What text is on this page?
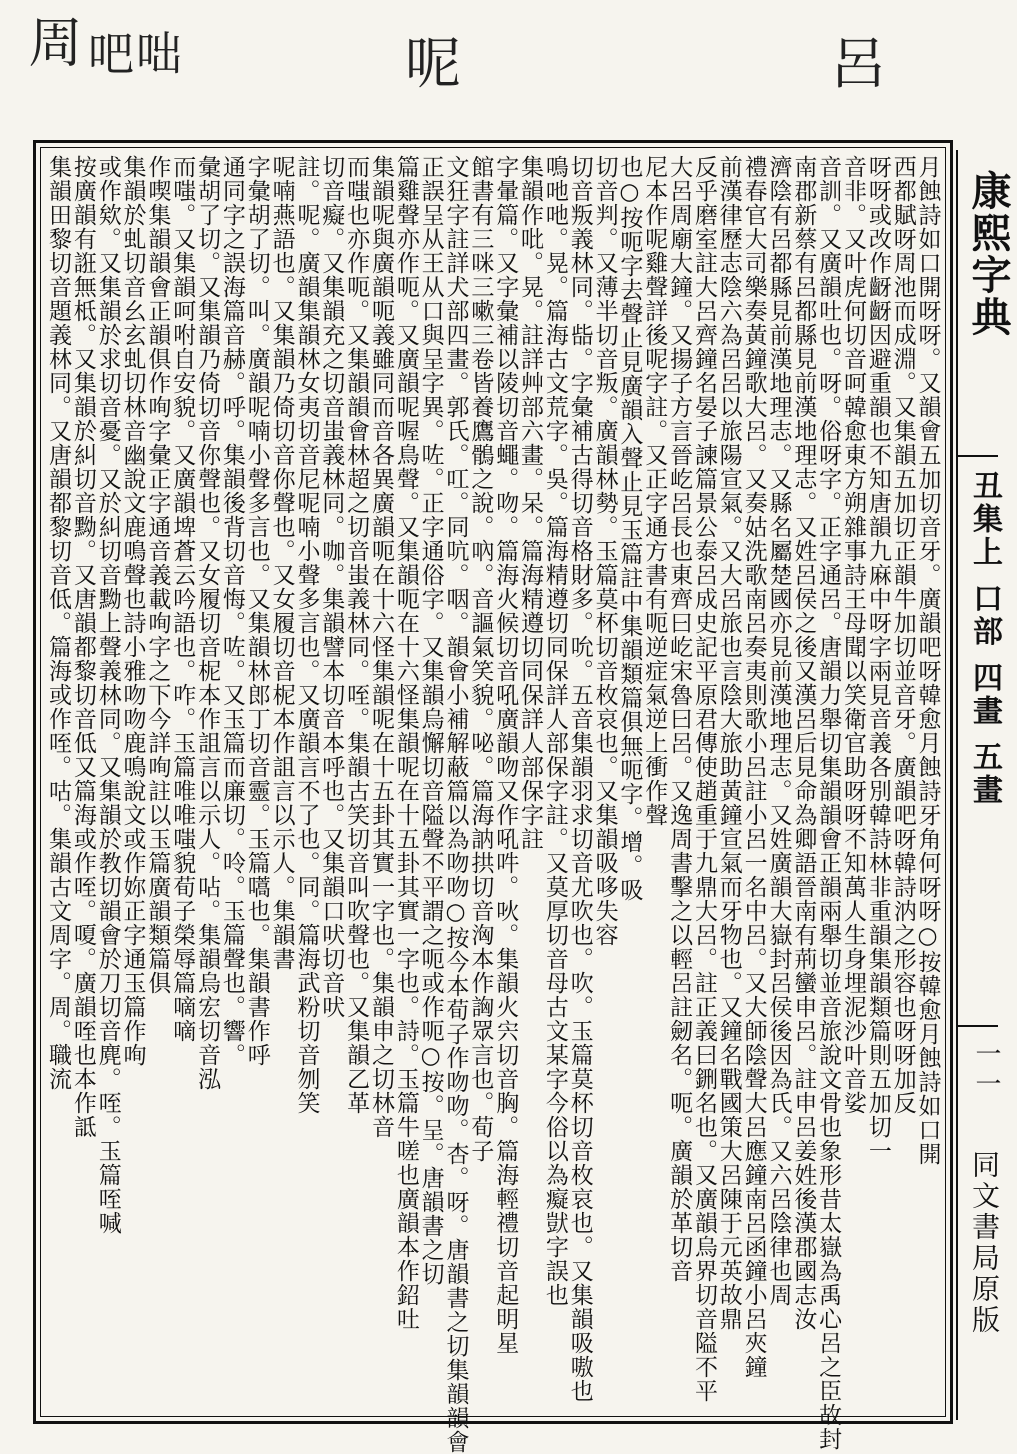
周 吧咄	呢	呂
月蝕詩如口開呀呀。又韻會五加切音牙。廣韻吧呀韓愈月蝕詩牙角何呀呀○按韓愈月蝕詩如口開
西都賦呀周池而成淵。又集韻五加切正韻牛加切並音牙。廣韻吧呀韓詩汭之形容也呀呀加反
呀呀或改作齖齖因避重韻也不知唐韻九麻中呀字兩見音義各別韓詩林非重韻集韻類篇則五加切一
音非。又叶虎何切音呵韓愈東方朔雜事詩王母聞以笑衛官助呀呀不知萬人生身埋泥沙叶音娑
音訓。又廣韻吐也。呀。俗呀字。正字通呂。唐韻力舉切集韻韻會正韻兩舉切並音旅說文骨也象形昔太嶽為禹心呂之臣故封
南郡新蔡有呂都縣見前漢地理志。又姓呂侯之後又漢呂后見命為卿語晉南有荊蠻申呂。註申呂姜姓後漢郡國志汝
濟陰有呂都縣見前漢地理志。又縣名屬楚國亦見前漢地理志。又姓廣韻大嶽封呂侯後因為氏。又六呂陰律也周
禮春官大司樂奏黃鐘歌大呂。又奏姑洗歌南呂奏夷則歌小呂註小呂一名中呂。又大師陰聲大呂應鐘南呂函鐘小呂夾鐘
前漢律歷志陰六為呂呂以旅陽宣氣。又大呂旅也言陰大旅助黃鐘宣氣而牙物也。又鐘名戰國策大呂陳于元英故鼎
反乎磨室註大呂齊鐘名晏子諫篇景公泰呂成史記平原君傳使趙重于九鼎大呂。註正義曰鉶名也。又廣韻烏界切音隘不平
大呂周廟大鐘。又揚子方言晉屹呂長也東齊曰屹宋魯曰呂。又逸周書擊之以輕呂註劒名。呃。廣韻於革切音
尼本作呢雞聲詳後呢字註。又正字通方書有呃逆症氣逆上衝作聲
也○按呃字去聲止見廣韻入聲止見玉篇註中集韻類篇俱無呃字。增。吸
切音判。又薄半切音叛。廣韻林勢。玉篇莫杯切音枚哀也。又集韻吸哆失容
切音叛義林同。啙。字彙補古得切音格財多。吮。五音集韻羽求切音尤吹也。吹。玉篇莫杯切音枚哀也。又集韻吸嗷也
鳴吔吔。晃。篇海古文荒字。吳。篇海精遵切同保詳人部保字註。又莫厚切音母古文某字今俗以為癡獃字誤也
集韻作吡。晃。註詳艸部六畫。呆。篇海精遵切同保詳人部保字註
字暈篇。又字彙補以陵切音蠅。吻。篇海火候切音吼廣韻吻又作吼吽。吙。集韻火宍切音胸。篇海輕禮切音起明星
館書有三咪三嗽三卷皆養鷹鶻之說。吶。音謳氣笑貌。咇。篇海訥拱切音洶本作詾眾言也。荀子
文狂字註詳犬部四畫。郭氏。叿。同吭。咽。韻會小補解蔽篇以為吻吻○按今本荀子作吻吻。杏。呀。唐韻書之切集韻韻會
正誤呈从王从口與呈字異。咗。正字通俗字。又集韻烏懈切音隘聲不平謂之呃或作呃○按。呈。唐韻書之切
篇雞聲亦作呃。又廣韻呢喔鳥聲。又集韻呃在十六怪集韻呢在十五卦其實一字也。詩。玉篇牛嗟也廣韻本作鉊吐
集韻呢與廣韻呃義雖同而音各異廣韻呃在十六怪集韻呢在十五卦其實一字也。集韻申之切林音
而嗤也亦作呃。又集韻韻會林超之切音蚩義林同。咥。集韻古笑切音叫吹聲也。又集韻乙革
切音癡。又集韻充之切音蚩義林同。咖。集韻譬本切音本呼也。又集韻口吠切音吠
註。呢。廣韻集韻林女夷切音尼呢喃小聲多言也。又廣韻言不了也。同。篇海武粉切音刎笑
呢喃燕語也。又集韻乃倚切音你聲也。又女履切音柅本作詛言以示人。集韻書
字彙胡了切。叫。廣韻呢喃小聲多言也。又集韻林郎丁切音靈。玉篇嚆也。集韻書作呼
通同字之誤海篇音赫。呼。集韻後背切音悔。咗。又玉篇而廉切。呤。玉篇聲也。響。
彙胡了切。又集韻乃倚切音你聲也。又女履切音柅本作詛言以示人。呫。集韻烏宏切音泓
而嗤。又集韻呵咐自安貌。又廣韻埤蒼云吟語也。咋。玉篇唯唯嗤貌荀子榮辱篇嘀嘀
作喫集韻韻會正韻俱作咰字彙正字通音義載咰字之下今詳咰註以玉篇廣韻類篇俱
集韻於虬切音幺玄虬切林音幽說文鹿鳴聲也詩小雅吻吻鹿鳴說文或作妳正字通玉篇作咰
或作欸。又集韻於求切音憂。又於糾切音黝上聲義林同。又集韻於教切韻會於刀切音麂。咥。玉篇咥喊
按廣韻有誑無柢。又集韻於糾切音黝。又唐韻都黎切音低又篇海或作咥。嗄。廣韻咥也本作詆
集韻田黎切音題義林同。又唐韻都黎切音低。篇海或作咥。咕。集韻古文周字。周。職流	康熙字典
丑集上 口部 四畫 五畫
一一
同文書局原版
